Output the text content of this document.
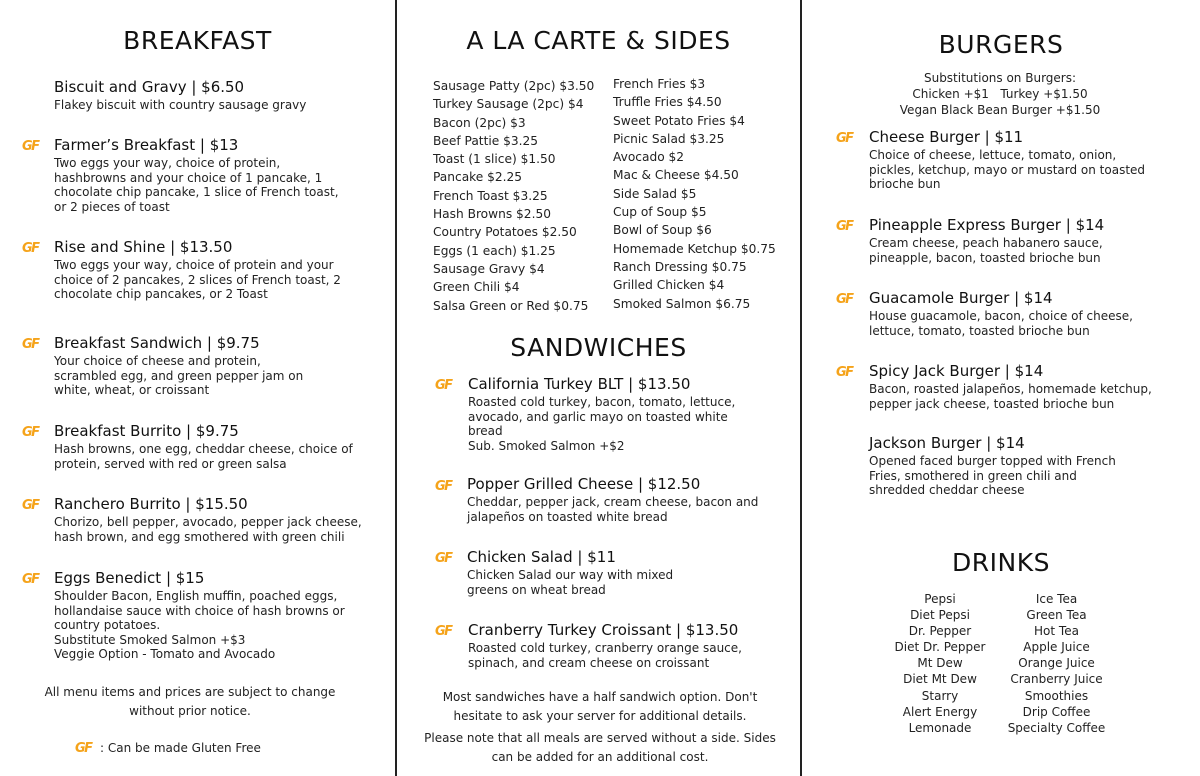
BREAKFAST
Biscuit and Gravy | $6.50
Flakey biscuit with country sausage gravy
GF Farmer’s Breakfast | $13
Two eggs your way, choice of protein, hashbrowns and your choice of 1 pancake, 1 chocolate chip pancake, 1 slice of French toast, or 2 pieces of toast
GF Rise and Shine | $13.50
Two eggs your way, choice of protein and your choice of 2 pancakes, 2 slices of French toast, 2 chocolate chip pancakes, or 2 Toast
GF Breakfast Sandwich | $9.75
Your choice of cheese and protein, scrambled egg, and green pepper jam on white, wheat, or croissant
GF Breakfast Burrito | $9.75
Hash browns, one egg, cheddar cheese, choice of protein, served with red or green salsa
GF Ranchero Burrito | $15.50
Chorizo, bell pepper, avocado, pepper jack cheese, hash brown, and egg smothered with green chili
GF Eggs Benedict | $15
Shoulder Bacon, English muffin, poached eggs, hollandaise sauce with choice of hash browns or country potatoes.
Substitute Smoked Salmon +$3
Veggie Option - Tomato and Avocado
All menu items and prices are subject to change without prior notice.
GF : Can be made Gluten Free
A LA CARTE & SIDES
Sausage Patty (2pc) $3.50
Turkey Sausage (2pc) $4
Bacon (2pc) $3
Beef Pattie $3.25
Toast (1 slice) $1.50
Pancake $2.25
French Toast $3.25
Hash Browns $2.50
Country Potatoes $2.50
Eggs (1 each) $1.25
Sausage Gravy $4
Green Chili $4
Salsa Green or Red $0.75
French Fries $3
Truffle Fries $4.50
Sweet Potato Fries $4
Picnic Salad $3.25
Avocado $2
Mac & Cheese $4.50
Side Salad $5
Cup of Soup $5
Bowl of Soup $6
Homemade Ketchup $0.75
Ranch Dressing $0.75
Grilled Chicken $4
Smoked Salmon $6.75
SANDWICHES
GF California Turkey BLT | $13.50
Roasted cold turkey, bacon, tomato, lettuce, avocado, and garlic mayo on toasted white bread
Sub. Smoked Salmon +$2
GF Popper Grilled Cheese | $12.50
Cheddar, pepper jack, cream cheese, bacon and jalapeños on toasted white bread
GF Chicken Salad | $11
Chicken Salad our way with mixed greens on wheat bread
GF Cranberry Turkey Croissant | $13.50
Roasted cold turkey, cranberry orange sauce, spinach, and cream cheese on croissant
Most sandwiches have a half sandwich option. Don't hesitate to ask your server for additional details.
Please note that all meals are served without a side. Sides can be added for an additional cost.
BURGERS
Substitutions on Burgers:
Chicken +$1   Turkey +$1.50
Vegan Black Bean Burger +$1.50
GF Cheese Burger | $11
Choice of cheese, lettuce, tomato, onion, pickles, ketchup, mayo or mustard on toasted brioche bun
GF Pineapple Express Burger | $14
Cream cheese, peach habanero sauce, pineapple, bacon, toasted brioche bun
GF Guacamole Burger | $14
House guacamole, bacon, choice of cheese, lettuce, tomato, toasted brioche bun
GF Spicy Jack Burger | $14
Bacon, roasted jalapeños, homemade ketchup, pepper jack cheese, toasted brioche bun
Jackson Burger | $14
Opened faced burger topped with French Fries, smothered in green chili and shredded cheddar cheese
DRINKS
Pepsi
Diet Pepsi
Dr. Pepper
Diet Dr. Pepper
Mt Dew
Diet Mt Dew
Starry
Alert Energy
Lemonade
Ice Tea
Green Tea
Hot Tea
Apple Juice
Orange Juice
Cranberry Juice
Smoothies
Drip Coffee
Specialty Coffee
